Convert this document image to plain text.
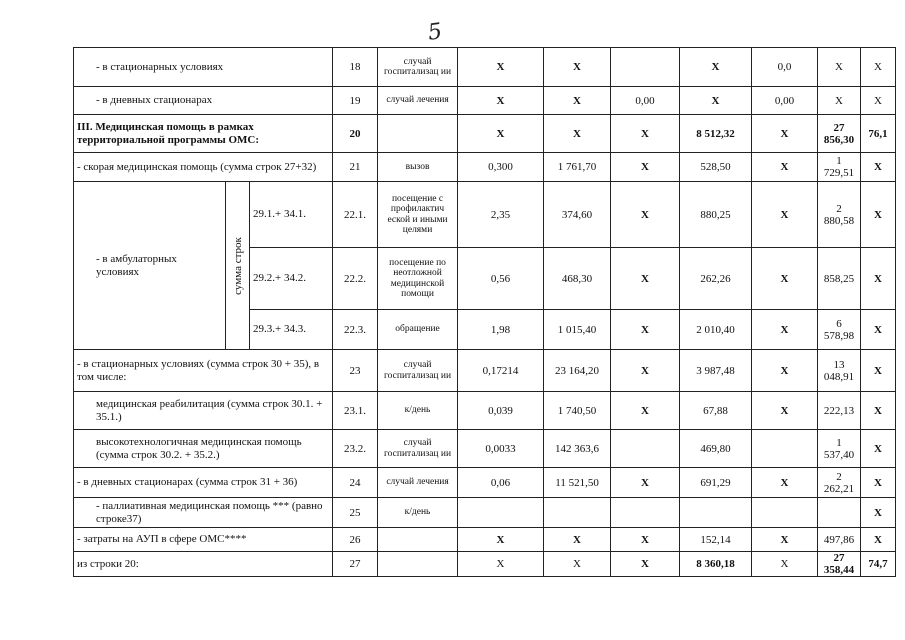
5
- в стационарных условиях			18	случай госпитализац ии	X	X		X	0,0	X	X
- в дневных стационарах			19	случай лечения	X	X	0,00	X	0,00	X	X
III. Медицинская помощь в рамках территориальной программы ОМС:			20		X	X	X	8 512,32	X	27 856,30	76,1
- скорая медицинская помощь (сумма строк 27+32)			21	вызов	0,300	1 761,70	X	528,50	X	1 729,51	X
- в амбулаторных условиях	сумма строк	29.1.+ 34.1.	22.1.	посещение с профилактич еской и иными целями	2,35	374,60	X	880,25	X	2 880,58	X
		29.2.+ 34.2.	22.2.	посещение по неотложной медицинской помощи	0,56	468,30	X	262,26	X	858,25	X
		29.3.+ 34.3.	22.3.	обращение	1,98	1 015,40	X	2 010,40	X	6 578,98	X
- в стационарных условиях (сумма строк 30 + 35), в том числе:			23	случай госпитализац ии	0,17214	23 164,20	X	3 987,48	X	13 048,91	X
медицинская реабилитация (сумма строк 30.1. + 35.1.)			23.1.	к/день	0,039	1 740,50	X	67,88	X	222,13	X
высокотехнологичная медицинская помощь (сумма строк 30.2. + 35.2.)			23.2.	случай госпитализац ии	0,0033	142 363,6		469,80		1 537,40	X
- в дневных стационарах (сумма строк 31 + 36)			24	случай лечения	0,06	11 521,50	X	691,29	X	2 262,21	X
- паллиативная медицинская помощь *** (равно строке37)			25	к/день							X
- затраты на АУП в сфере ОМС****			26		X	X	X	152,14	X	497,86	X
из строки 20:			27		X	X	X	8 360,18	X	27 358,44	74,7
